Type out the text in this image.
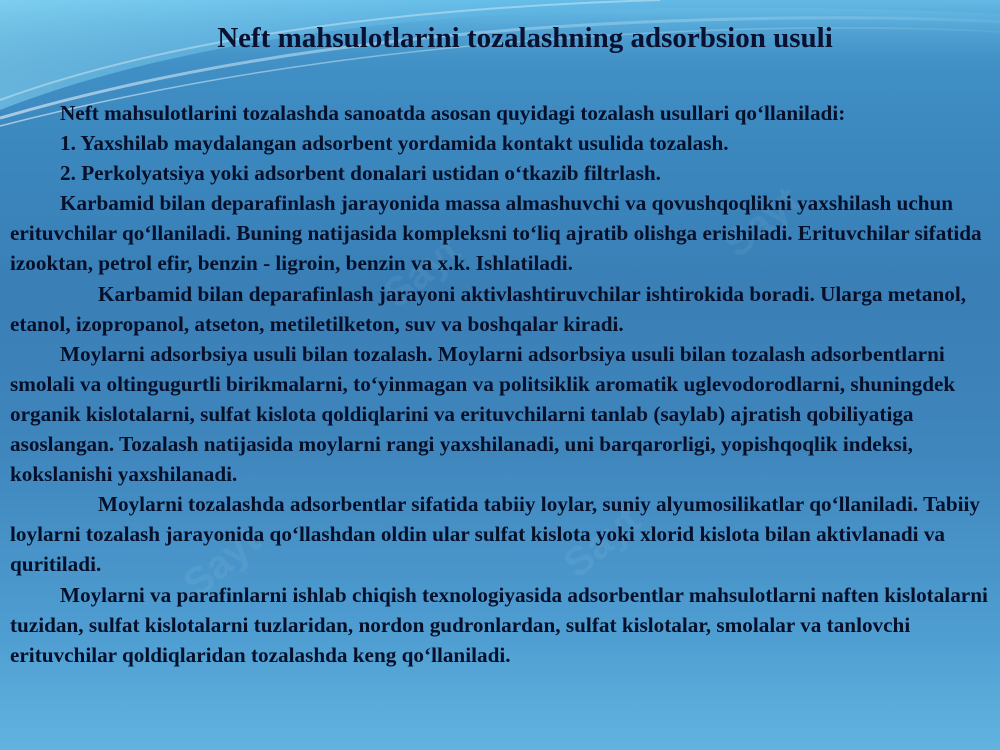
Sayt	Sayt
Sayt
Sayt
Neft mahsulotlarini tozalashning adsorbsion usuli

Neft mahsulotlarini tozalashda sanoatda asosan quyidagi tozalash usullari qo‘llaniladi:

1. Yaxshilab maydalangan adsorbent yordamida kontakt usulida tozalash.

2. Perkolyatsiya yoki adsorbent donalari ustidan o‘tkazib filtrlash.

Karbamid bilan deparafinlash jarayonida massa almashuvchi va qovushqoqlikni yaxshilash uchun erituvchilar qo‘llaniladi. Buning natijasida kompleksni to‘liq ajratib olishga erishiladi. Erituvchilar sifatida izooktan, petrol efir, benzin - ligroin, benzin va x.k. Ishlatiladi.

Karbamid bilan deparafinlash jarayoni aktivlashtiruvchilar ishtirokida boradi. Ularga metanol, etanol, izopropanol, atseton, metiletilketon, suv va boshqalar kiradi.

Moylarni adsorbsiya usuli bilan tozalash. Moylarni adsorbsiya usuli bilan tozalash adsorbentlarni smolali va oltingugurtli birikmalarni, to‘yinmagan va politsiklik aromatik uglevodorodlarni, shuningdek organik kislotalarni, sulfat kislota qoldiqlarini va erituvchilarni tanlab (saylab) ajratish qobiliyatiga asoslangan. Tozalash natijasida moylarni rangi yaxshilanadi, uni barqarorligi, yopishqoqlik indeksi, kokslanishi yaxshilanadi.

Moylarni tozalashda adsorbentlar sifatida tabiiy loylar, suniy alyumosilikatlar qo‘llaniladi. Tabiiy loylarni tozalash jarayonida qo‘llashdan oldin ular sulfat kislota yoki xlorid kislota bilan aktivlanadi va quritiladi.

Moylarni va parafinlarni ishlab chiqish texnologiyasida adsorbentlar mahsulotlarni naften kislotalarni tuzidan, sulfat kislotalarni tuzlaridan, nordon gudronlardan, sulfat kislotalar, smolalar va tanlovchi erituvchilar qoldiqlaridan tozalashda keng qo‘llaniladi.
